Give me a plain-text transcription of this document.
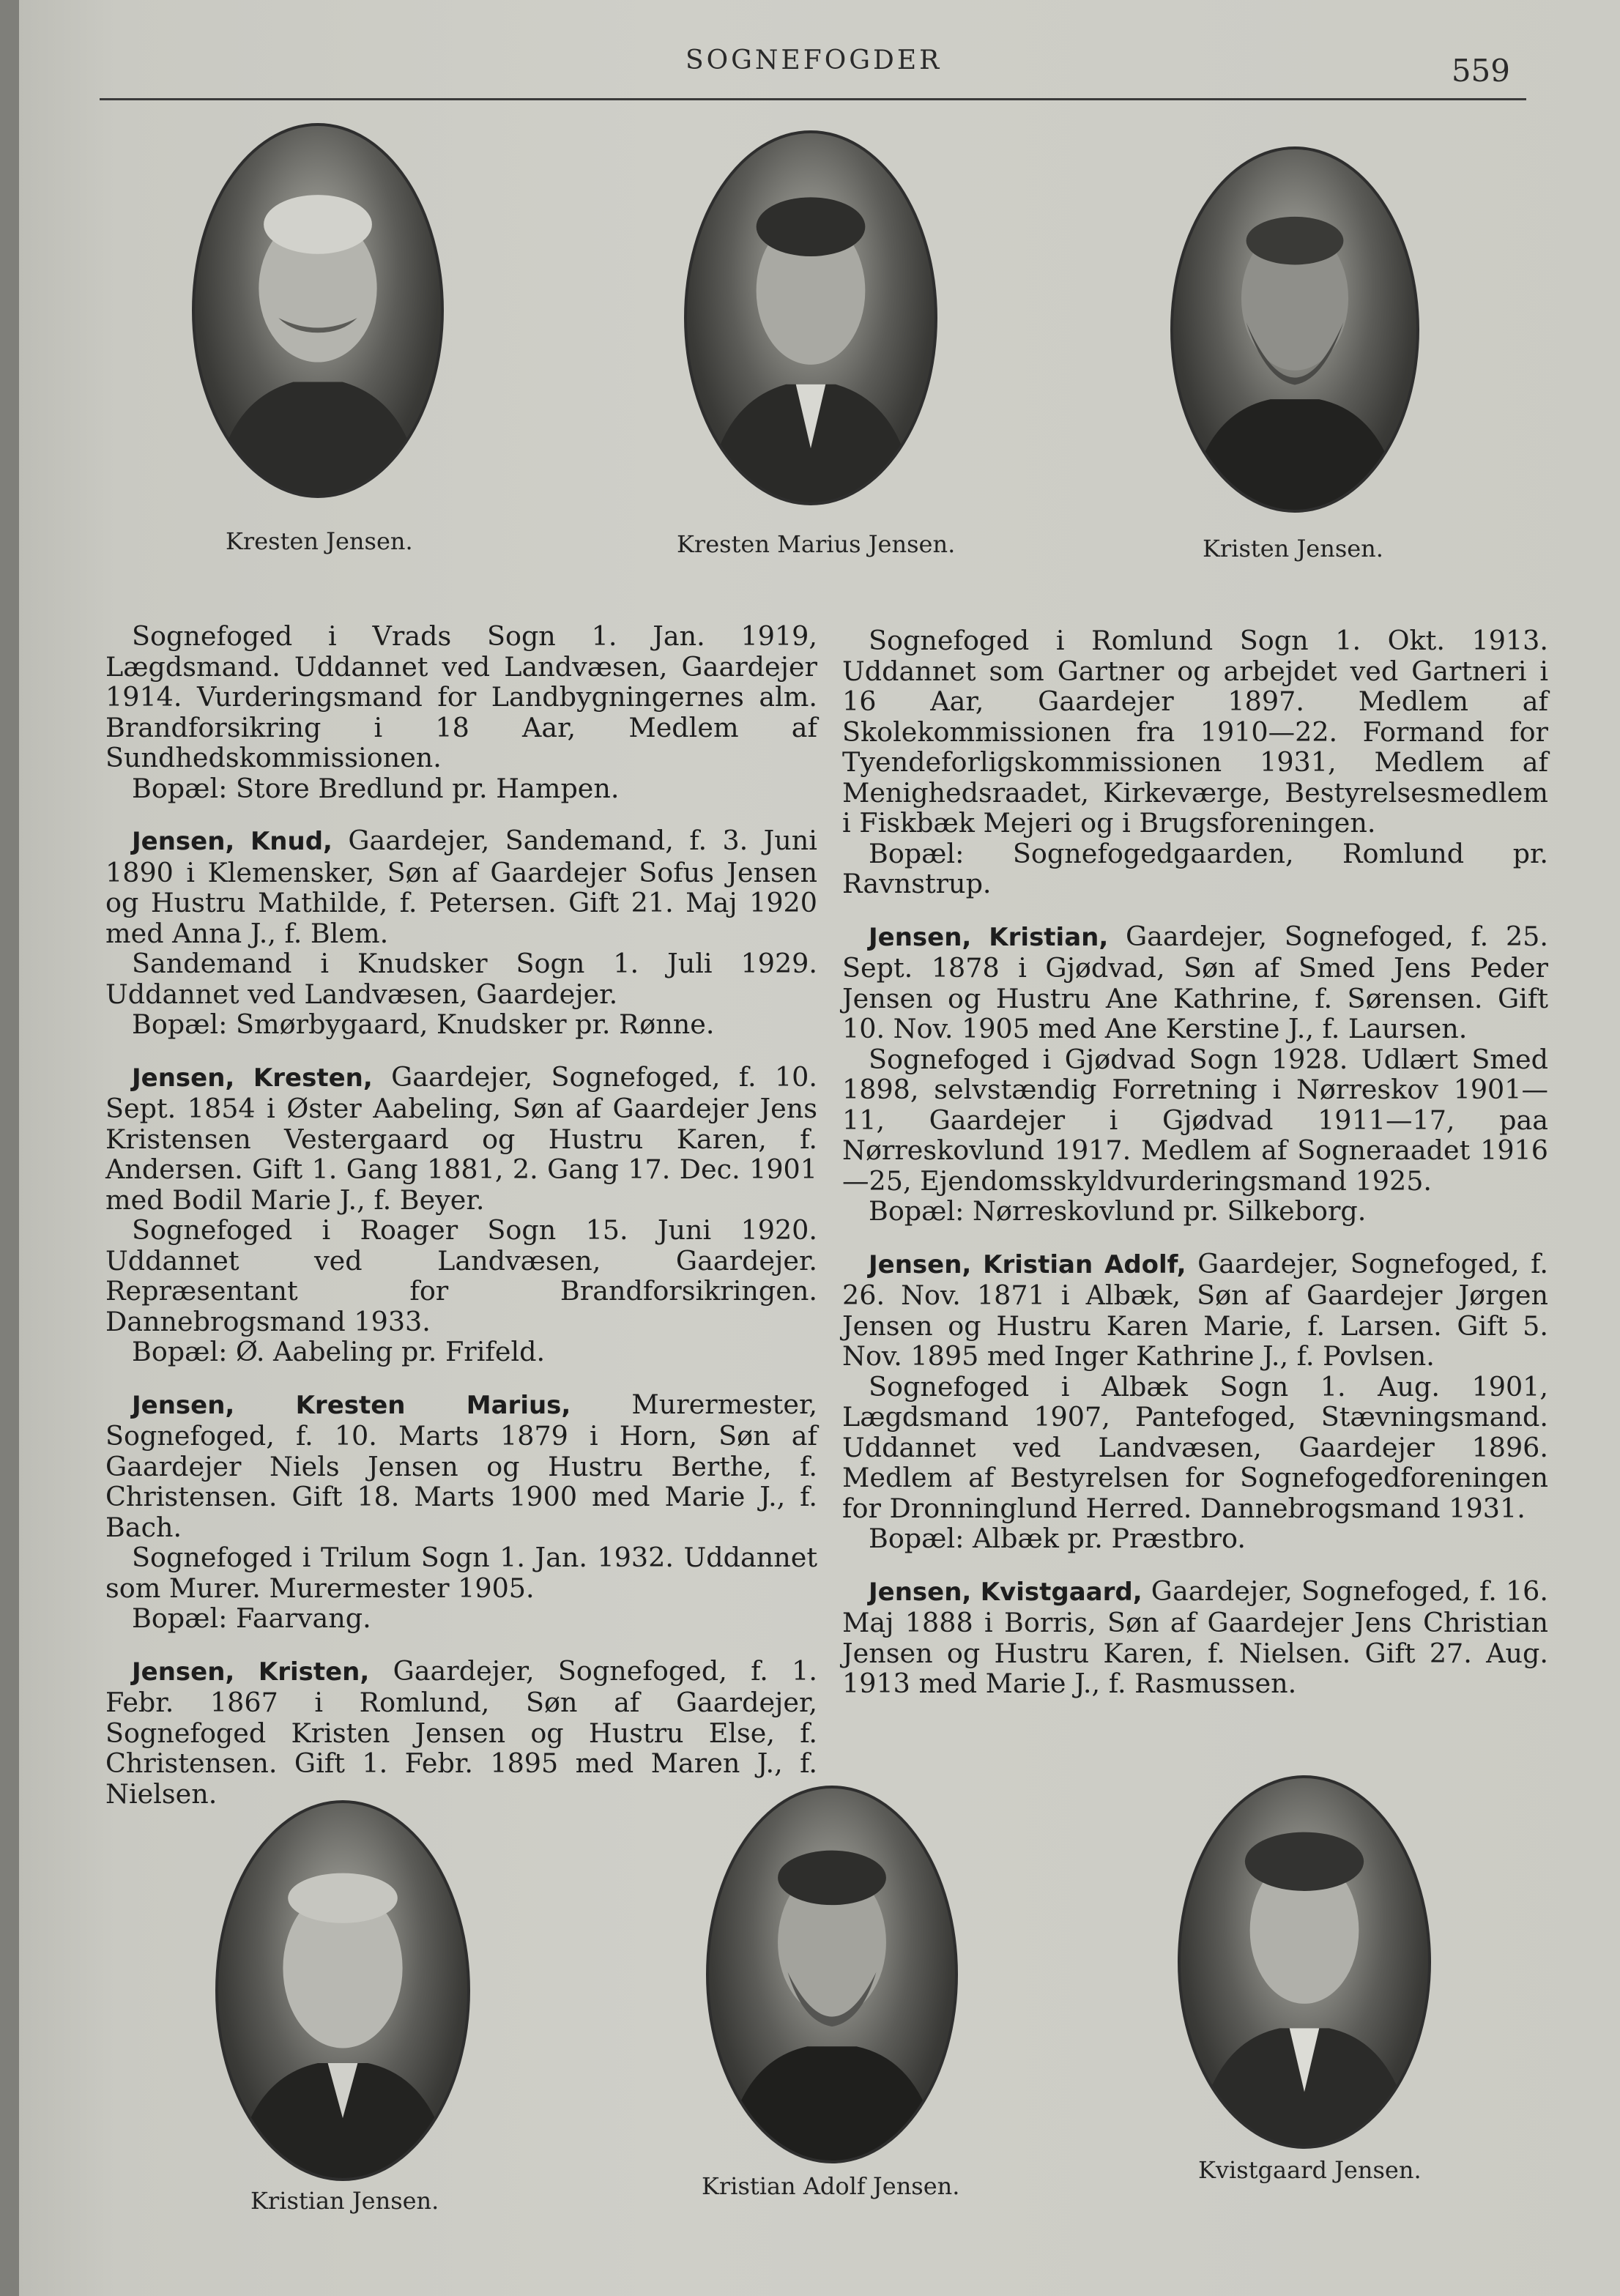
SOGNEFOGDER	559
Kresten Jensen.	Kresten Marius Jensen.	Kristen Jensen.

Sognefoged i Vrads Sogn 1. Jan. 1919, Lægdsmand. Uddannet ved Landvæsen, Gaardejer 1914. Vurderingsmand for Landbygningernes alm. Brandforsikring i 18 Aar, Medlem af Sundhedskommissionen.

Bopæl: Store Bredlund pr. Hampen.

Jensen, Knud, Gaardejer, Sandemand, f. 3. Juni 1890 i Klemensker, Søn af Gaardejer Sofus Jensen og Hustru Mathilde, f. Petersen. Gift 21. Maj 1920 med Anna J., f. Blem.

Sandemand i Knudsker Sogn 1. Juli 1929. Uddannet ved Landvæsen, Gaardejer.

Bopæl: Smørbygaard, Knudsker pr. Rønne.

Jensen, Kresten, Gaardejer, Sognefoged, f. 10. Sept. 1854 i Øster Aabeling, Søn af Gaardejer Jens Kristensen Vestergaard og Hustru Karen, f. Andersen. Gift 1. Gang 1881, 2. Gang 17. Dec. 1901 med Bodil Marie J., f. Beyer.

Sognefoged i Roager Sogn 15. Juni 1920. Uddannet ved Landvæsen, Gaardejer. Repræsentant for Brandforsikringen. Dannebrogsmand 1933.

Bopæl: Ø. Aabeling pr. Frifeld.

Jensen, Kresten Marius, Murermester, Sognefoged, f. 10. Marts 1879 i Horn, Søn af Gaardejer Niels Jensen og Hustru Berthe, f. Christensen. Gift 18. Marts 1900 med Marie J., f. Bach.

Sognefoged i Trilum Sogn 1. Jan. 1932. Uddannet som Murer. Murermester 1905.

Bopæl: Faarvang.

Jensen, Kristen, Gaardejer, Sognefoged, f. 1. Febr. 1867 i Romlund, Søn af Gaardejer, Sognefoged Kristen Jensen og Hustru Else, f. Christensen. Gift 1. Febr. 1895 med Maren J., f. Nielsen.

Sognefoged i Romlund Sogn 1. Okt. 1913. Uddannet som Gartner og arbejdet ved Gartneri i 16 Aar, Gaardejer 1897. Medlem af Skolekommissionen fra 1910—22. Formand for Tyendeforligskommissionen 1931, Medlem af Menighedsraadet, Kirkeværge, Bestyrelsesmedlem i Fiskbæk Mejeri og i Brugsforeningen.

Bopæl: Sognefogedgaarden, Romlund pr. Ravnstrup.

Jensen, Kristian, Gaardejer, Sognefoged, f. 25. Sept. 1878 i Gjødvad, Søn af Smed Jens Peder Jensen og Hustru Ane Kathrine, f. Sørensen. Gift 10. Nov. 1905 med Ane Kerstine J., f. Laursen.

Sognefoged i Gjødvad Sogn 1928. Udlært Smed 1898, selvstændig Forretning i Nørreskov 1901—11, Gaardejer i Gjødvad 1911—17, paa Nørreskovlund 1917. Medlem af Sogneraadet 1916—25, Ejendomsskyldvurderingsmand 1925.

Bopæl: Nørreskovlund pr. Silkeborg.

Jensen, Kristian Adolf, Gaardejer, Sognefoged, f. 26. Nov. 1871 i Albæk, Søn af Gaardejer Jørgen Jensen og Hustru Karen Marie, f. Larsen. Gift 5. Nov. 1895 med Inger Kathrine J., f. Povlsen.

Sognefoged i Albæk Sogn 1. Aug. 1901, Lægdsmand 1907, Pantefoged, Stævningsmand. Uddannet ved Landvæsen, Gaardejer 1896. Medlem af Bestyrelsen for Sognefogedforeningen for Dronninglund Herred. Dannebrogsmand 1931.

Bopæl: Albæk pr. Præstbro.

Jensen, Kvistgaard, Gaardejer, Sognefoged, f. 16. Maj 1888 i Borris, Søn af Gaardejer Jens Christian Jensen og Hustru Karen, f. Nielsen. Gift 27. Aug. 1913 med Marie J., f. Rasmussen.

Kristian Jensen.
Kristian Adolf Jensen.
Kvistgaard Jensen.
